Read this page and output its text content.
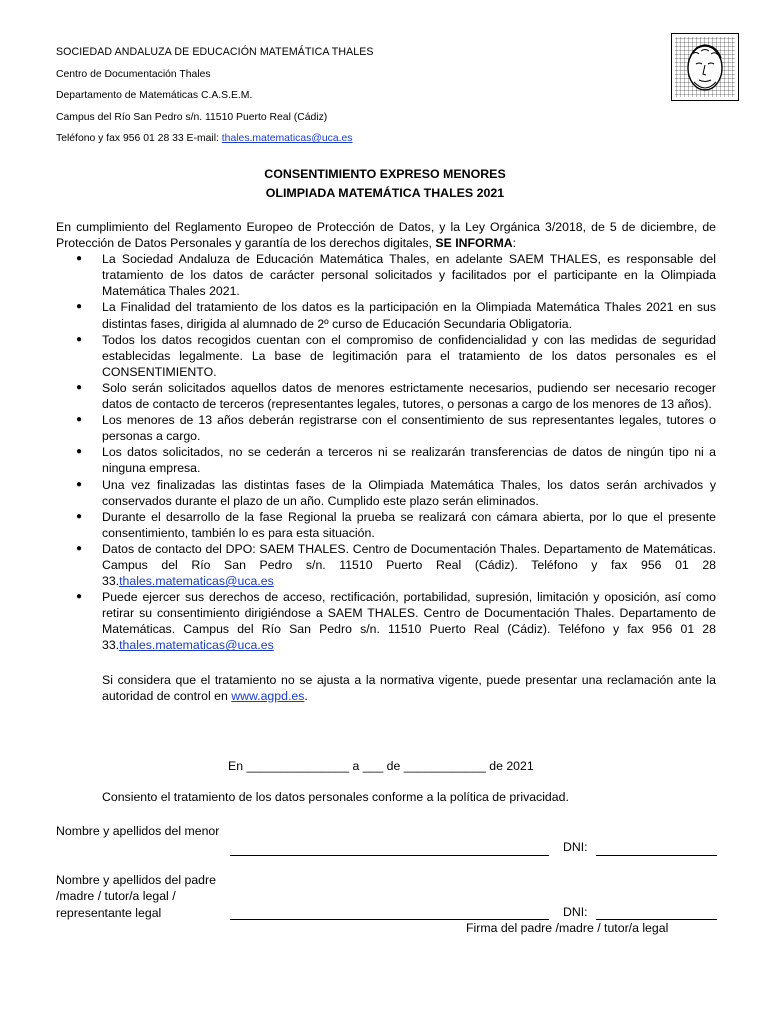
SOCIEDAD ANDALUZA DE EDUCACIÓN MATEMÁTICA THALES
Centro de Documentación Thales
Departamento de Matemáticas C.A.S.E.M.
Campus del Río San Pedro s/n. 11510 Puerto Real (Cádiz)
Teléfono y fax 956 01 28 33 E-mail: thales.matematicas@uca.es
CONSENTIMIENTO EXPRESO MENORES
OLIMPIADA MATEMÁTICA THALES 2021

En cumplimiento del Reglamento Europeo de Protección de Datos, y la Ley Orgánica 3/2018, de 5 de diciembre, de Protección de Datos Personales y garantía de los derechos digitales, SE INFORMA:

● La Sociedad Andaluza de Educación Matemática Thales, en adelante SAEM THALES, es responsable del tratamiento de los datos de carácter personal solicitados y facilitados por el participante en la Olimpiada Matemática Thales 2021.
● La Finalidad del tratamiento de los datos es la participación en la Olimpiada Matemática Thales 2021 en sus distintas fases, dirigida al alumnado de 2º curso de Educación Secundaria Obligatoria.
● Todos los datos recogidos cuentan con el compromiso de confidencialidad y con las medidas de seguridad establecidas legalmente. La base de legitimación para el tratamiento de los datos personales es el CONSENTIMIENTO.
● Solo serán solicitados aquellos datos de menores estrictamente necesarios, pudiendo ser necesario recoger datos de contacto de terceros (representantes legales, tutores, o personas a cargo de los menores de 13 años).
● Los menores de 13 años deberán registrarse con el consentimiento de sus representantes legales, tutores o personas a cargo.
● Los datos solicitados, no se cederán a terceros ni se realizarán transferencias de datos de ningún tipo ni a ninguna empresa.
● Una vez finalizadas las distintas fases de la Olimpiada Matemática Thales, los datos serán archivados y conservados durante el plazo de un año. Cumplido este plazo serán eliminados.
● Durante el desarrollo de la fase Regional la prueba se realizará con cámara abierta, por lo que el presente consentimiento, también lo es para esta situación.
● Datos de contacto del DPO: SAEM THALES. Centro de Documentación Thales. Departamento de Matemáticas. Campus del Río San Pedro s/n. 11510 Puerto Real (Cádiz). Teléfono y fax 956 01 28 33.thales.matematicas@uca.es
● Puede ejercer sus derechos de acceso, rectificación, portabilidad, supresión, limitación y oposición, así como retirar su consentimiento dirigiéndose a SAEM THALES. Centro de Documentación Thales. Departamento de Matemáticas. Campus del Río San Pedro s/n. 11510 Puerto Real (Cádiz). Teléfono y fax 956 01 28 33.thales.matematicas@uca.es

Si considera que el tratamiento no se ajusta a la normativa vigente, puede presentar una reclamación ante la autoridad de control en www.agpd.es.

En _______________ a ___ de ____________ de 2021
Consiento el tratamiento de los datos personales conforme a la política de privacidad.
Nombre y apellidos del menor
DNI:
Nombre y apellidos del padre /madre / tutor/a legal / representante legal	DNI:
Firma del padre /madre / tutor/a legal
